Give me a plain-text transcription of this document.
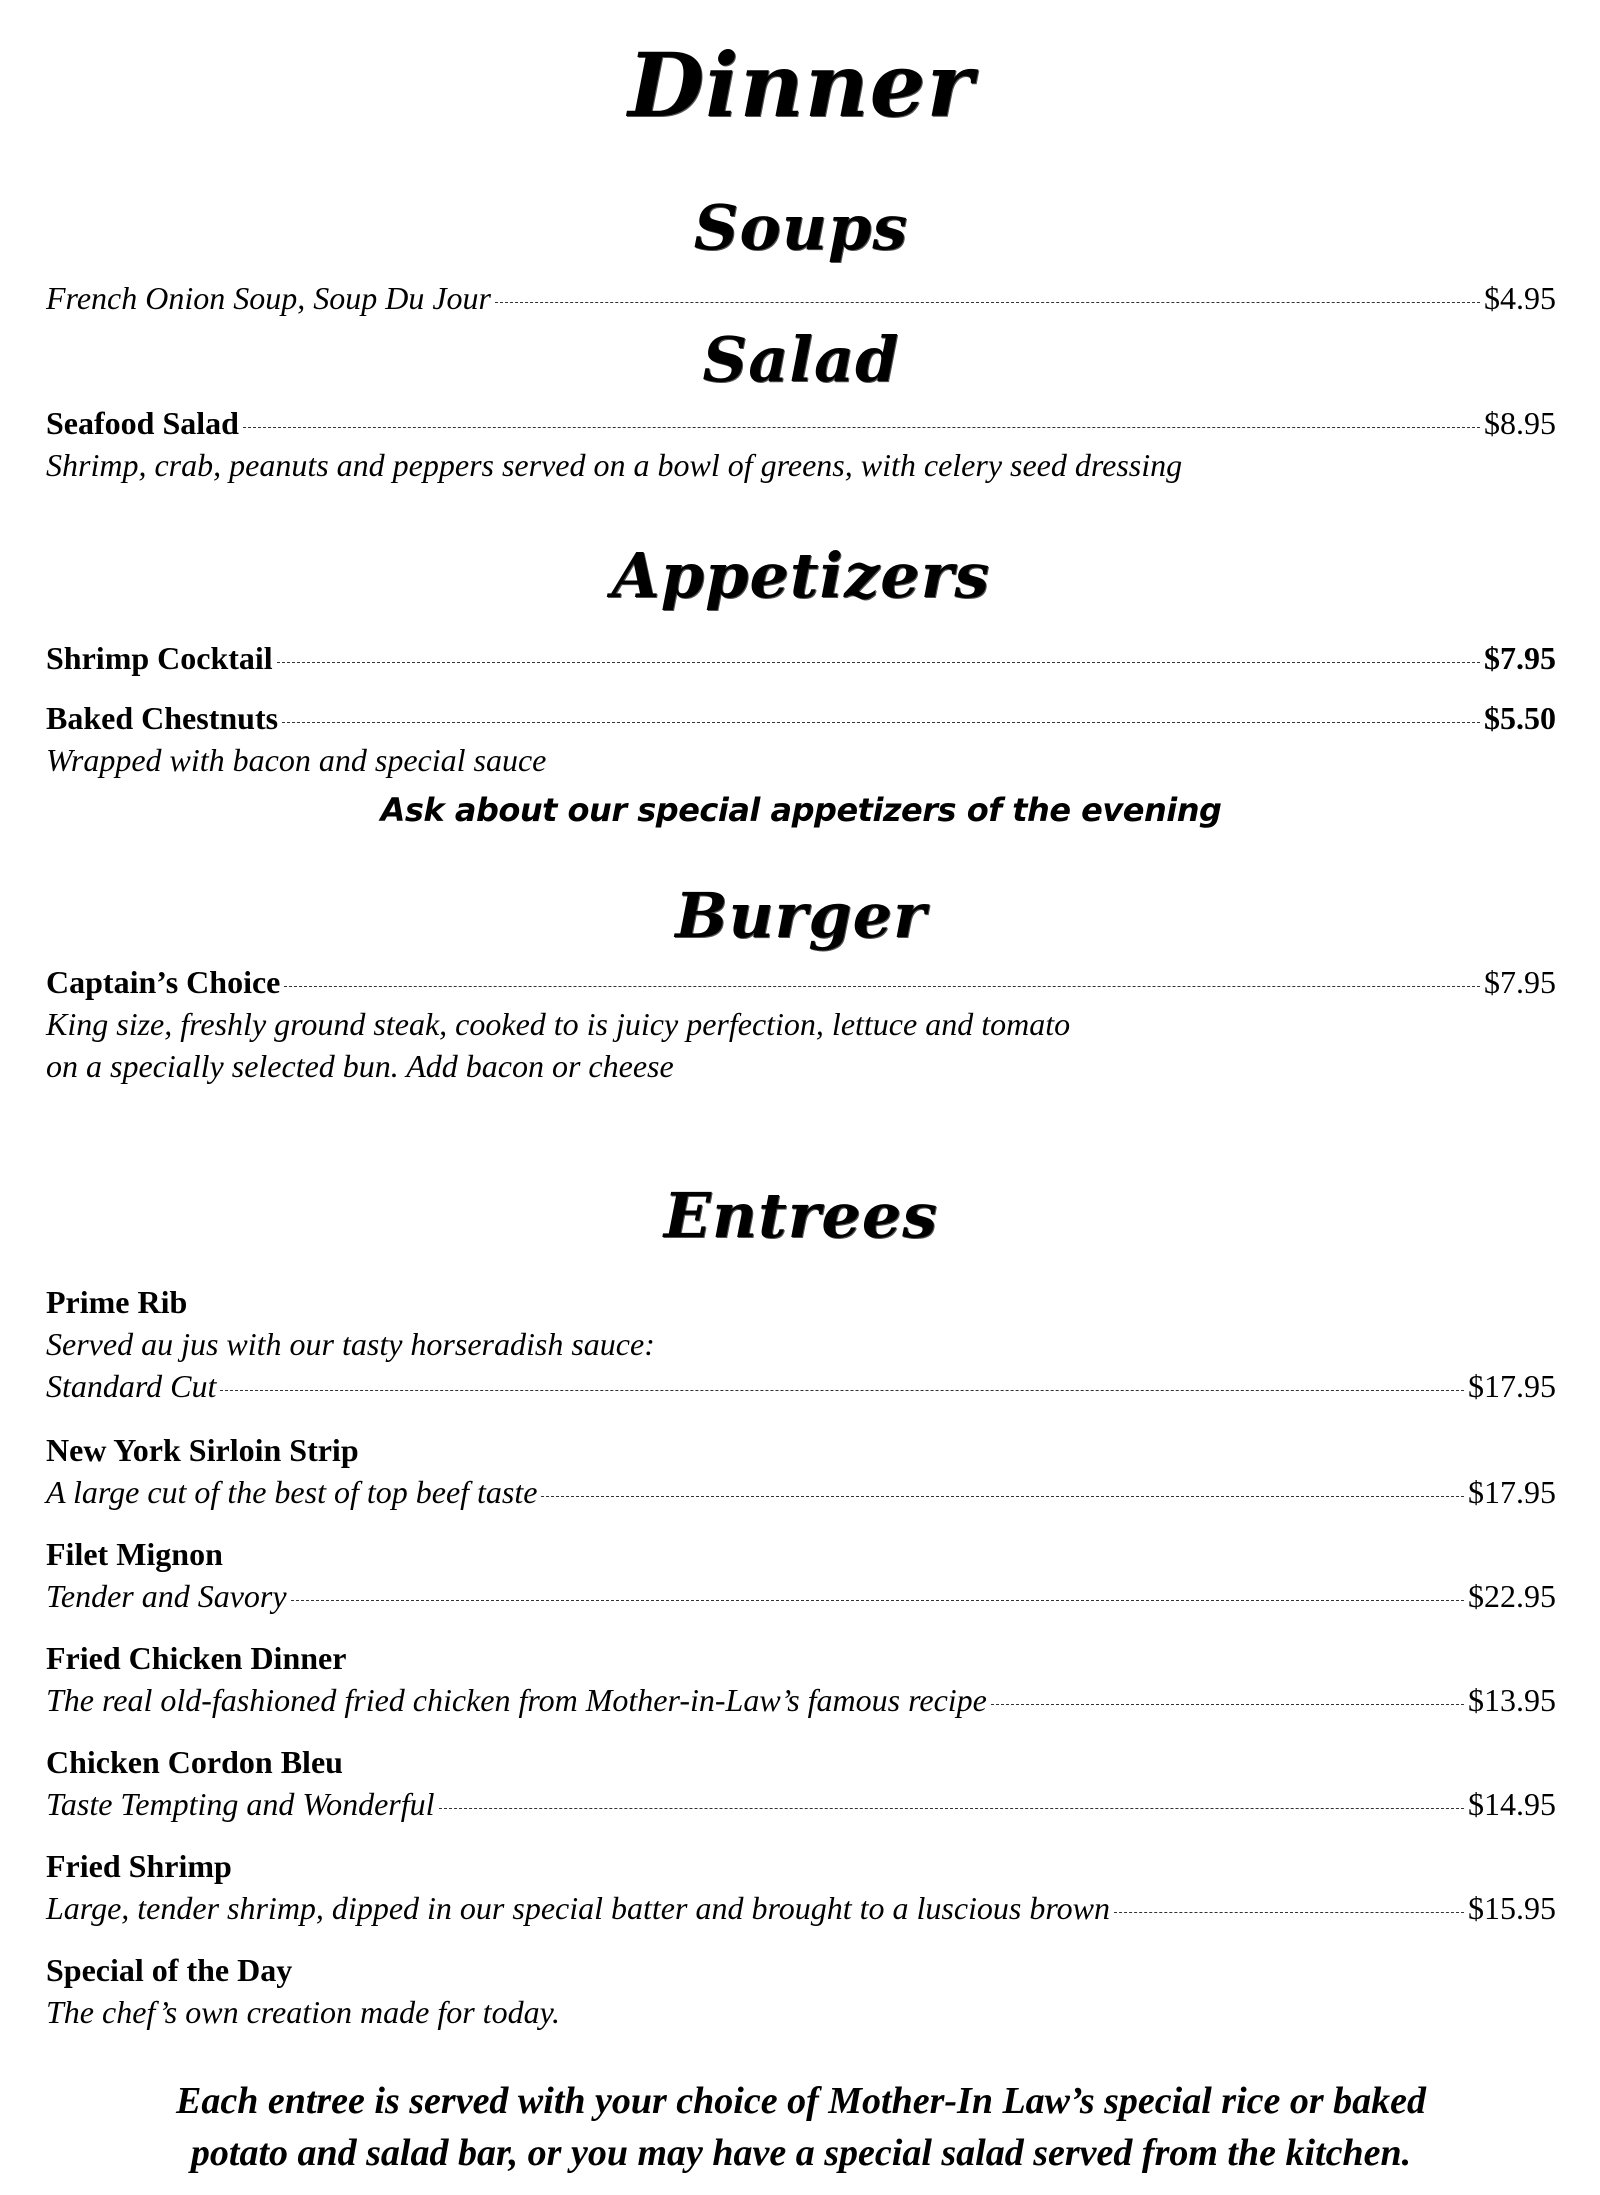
Dinner
Soups
French Onion Soup, Soup Du Jour	$4.95
Salad
Seafood Salad	$8.95
Shrimp, crab, peanuts and peppers served on a bowl of greens, with celery seed dressing
Appetizers
Shrimp Cocktail	$7.95
Baked Chestnuts	$5.50
Wrapped with bacon and special sauce
Ask about our special appetizers of the evening
Burger
Captain’s Choice	$7.95
King size, freshly ground steak, cooked to is juicy perfection, lettuce and tomato
on a specially selected bun. Add bacon or cheese
Entrees
Prime Rib
Served au jus with our tasty horseradish sauce:
Standard Cut	$17.95
New York Sirloin Strip
A large cut of the best of top beef taste	$17.95
Filet Mignon
Tender and Savory	$22.95
Fried Chicken Dinner
The real old-fashioned fried chicken from Mother-in-Law’s famous recipe	$13.95
Chicken Cordon Bleu
Taste Tempting and Wonderful	$14.95
Fried Shrimp
Large, tender shrimp, dipped in our special batter and brought to a luscious brown	$15.95
Special of the Day
The chef’s own creation made for today.
Each entree is served with your choice of Mother-In Law’s special rice or baked
potato and salad bar, or you may have a special salad served from the kitchen.
